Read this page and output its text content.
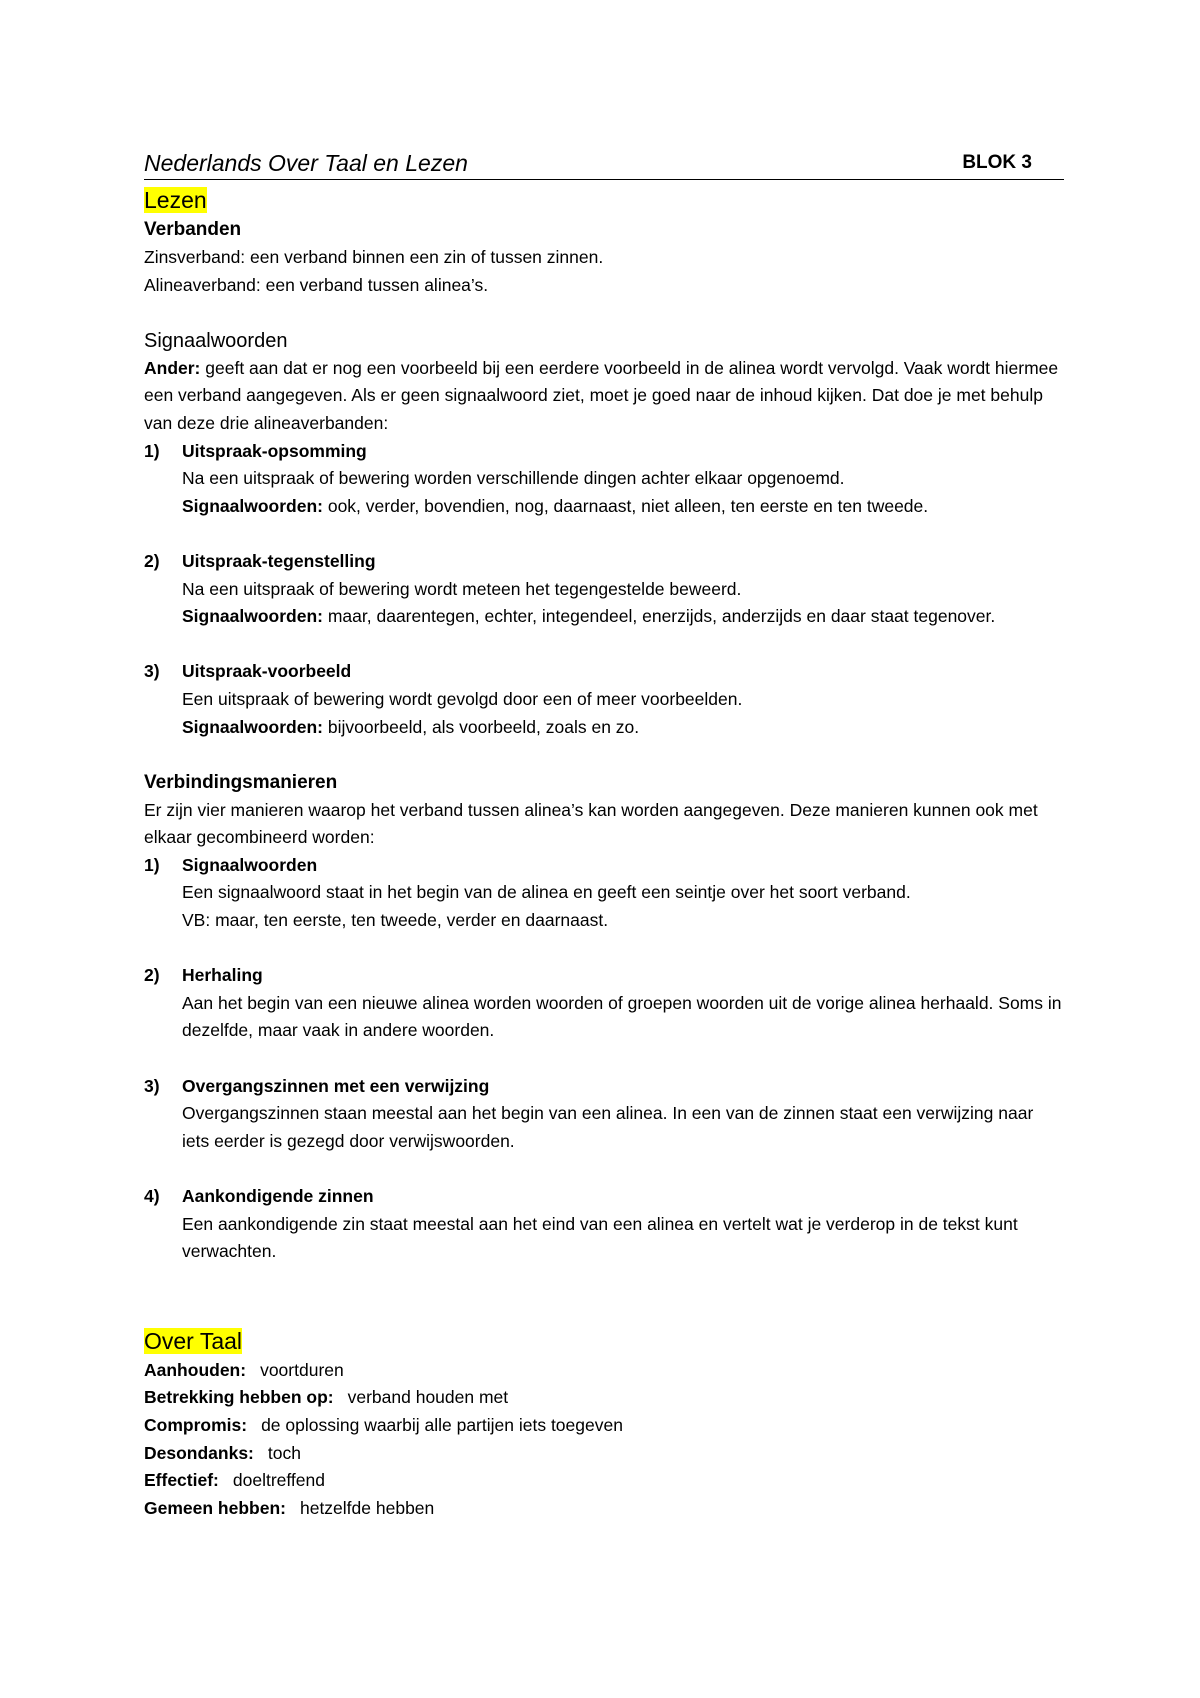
Nederlands Over Taal en Lezen	BLOK 3
Lezen
Verbanden

Zinsverband: een verband binnen een zin of tussen zinnen.

Alineaverband: een verband tussen alinea’s.

Signaalwoorden

Ander: geeft aan dat er nog een voorbeeld bij een eerdere voorbeeld in de alinea wordt vervolgd. Vaak wordt hiermee een verband aangegeven. Als er geen signaalwoord ziet, moet je goed naar de inhoud kijken. Dat doe je met behulp van deze drie alineaverbanden:

1)	Uitspraak-opsomming

Na een uitspraak of bewering worden verschillende dingen achter elkaar opgenoemd.

Signaalwoorden: ook, verder, bovendien, nog, daarnaast, niet alleen, ten eerste en ten tweede.

2)	Uitspraak-tegenstelling

Na een uitspraak of bewering wordt meteen het tegengestelde beweerd.

Signaalwoorden: maar, daarentegen, echter, integendeel, enerzijds, anderzijds en daar staat tegenover.

3)	Uitspraak-voorbeeld

Een uitspraak of bewering wordt gevolgd door een of meer voorbeelden.

Signaalwoorden: bijvoorbeeld, als voorbeeld, zoals en zo.

Verbindingsmanieren

Er zijn vier manieren waarop het verband tussen alinea’s kan worden aangegeven. Deze manieren kunnen ook met elkaar gecombineerd worden:

1)	Signaalwoorden

Een signaalwoord staat in het begin van de alinea en geeft een seintje over het soort verband.

VB: maar, ten eerste, ten tweede, verder en daarnaast.

2)	Herhaling

Aan het begin van een nieuwe alinea worden woorden of groepen woorden uit de vorige alinea herhaald. Soms in dezelfde, maar vaak in andere woorden.

3)	Overgangszinnen met een verwijzing

Overgangszinnen staan meestal aan het begin van een alinea. In een van de zinnen staat een verwijzing naar iets eerder is gezegd door verwijswoorden.

4)	Aankondigende zinnen

Een aankondigende zin staat meestal aan het eind van een alinea en vertelt wat je verderop in de tekst kunt verwachten.

Over Taal

Aanhouden: voortduren

Betrekking hebben op: verband houden met

Compromis: de oplossing waarbij alle partijen iets toegeven

Desondanks: toch

Effectief: doeltreffend

Gemeen hebben: hetzelfde hebben
